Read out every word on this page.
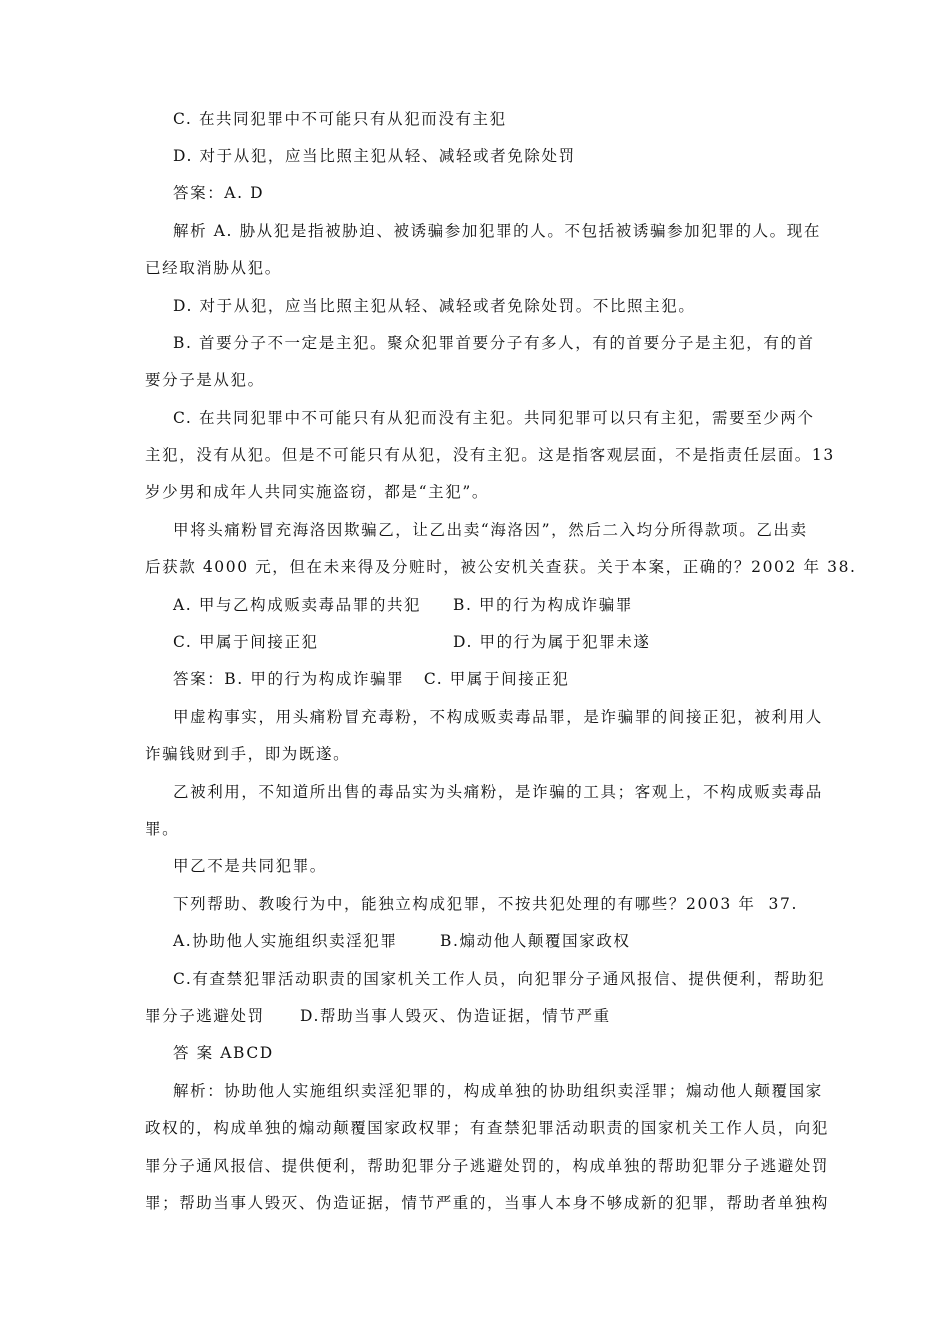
C. 在共同犯罪中不可能只有从犯而没有主犯
D. 对于从犯，应当比照主犯从轻、减轻或者免除处罚
答案：A. D
解析 A. 胁从犯是指被胁迫、被诱骗参加犯罪的人。不包括被诱骗参加犯罪的人。现在
已经取消胁从犯。
D. 对于从犯，应当比照主犯从轻、减轻或者免除处罚。不比照主犯。
B. 首要分子不一定是主犯。聚众犯罪首要分子有多人，有的首要分子是主犯，有的首
要分子是从犯。
C. 在共同犯罪中不可能只有从犯而没有主犯。共同犯罪可以只有主犯，需要至少两个
主犯，没有从犯。但是不可能只有从犯，没有主犯。这是指客观层面，不是指责任层面。13
岁少男和成年人共同实施盗窃，都是“主犯”。
甲将头痛粉冒充海洛因欺骗乙，让乙出卖“海洛因”，然后二入均分所得款项。乙出卖
后获款 4000 元，但在未来得及分赃时，被公安机关查获。关于本案，正确的？2002 年 38.
A. 甲与乙构成贩卖毒品罪的共犯 B. 甲的行为构成诈骗罪
C. 甲属于间接正犯	D. 甲的行为属于犯罪未遂
答案：B. 甲的行为构成诈骗罪   C. 甲属于间接正犯
甲虚构事实，用头痛粉冒充毒粉，不构成贩卖毒品罪，是诈骗罪的间接正犯，被利用人
诈骗钱财到手，即为既遂。
乙被利用，不知道所出售的毒品实为头痛粉，是诈骗的工具；客观上，不构成贩卖毒品
罪。
甲乙不是共同犯罪。
下列帮助、教唆行为中，能独立构成犯罪，不按共犯处理的有哪些？2003 年  37.
A.协助他人实施组织卖淫犯罪	B.煽动他人颠覆国家政权
C.有查禁犯罪活动职责的国家机关工作人员，向犯罪分子通风报信、提供便利，帮助犯
罪分子逃避处罚 D.帮助当事人毁灭、伪造证据，情节严重
答 案 ABCD
解析：协助他人实施组织卖淫犯罪的，构成单独的协助组织卖淫罪；煽动他人颠覆国家
政权的，构成单独的煽动颠覆国家政权罪；有查禁犯罪活动职责的国家机关工作人员，向犯
罪分子通风报信、提供便利，帮助犯罪分子逃避处罚的，构成单独的帮助犯罪分子逃避处罚
罪；帮助当事人毁灭、伪造证据，情节严重的，当事人本身不够成新的犯罪，帮助者单独构
